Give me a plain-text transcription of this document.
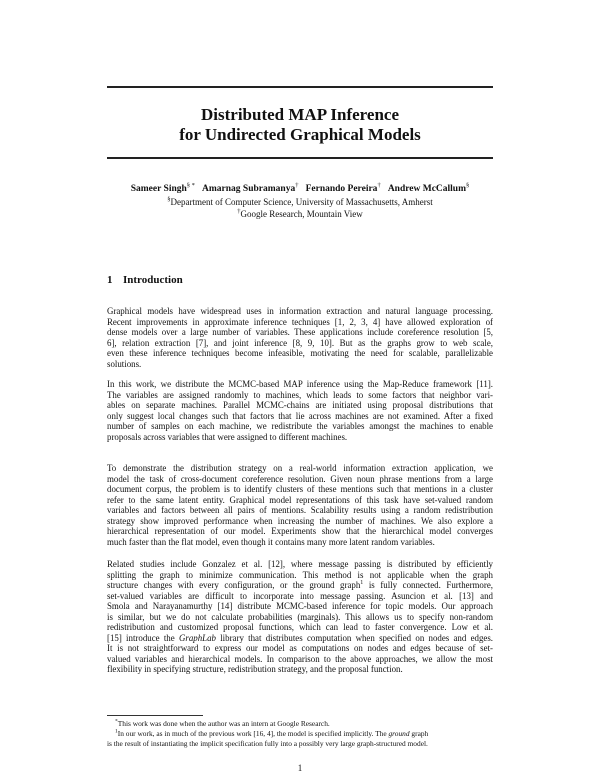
Distributed MAP Inference
for Undirected Graphical Models
Sameer Singh§ * Amarnag Subramanya† Fernando Pereira† Andrew McCallum§
§Department of Computer Science, University of Massachusetts, Amherst
†Google Research, Mountain View
1 Introduction
Graphical models have widespread uses in information extraction and natural language processing.
Recent improvements in approximate inference techniques [1, 2, 3, 4] have allowed exploration of
dense models over a large number of variables. These applications include coreference resolution [5,
6], relation extraction [7], and joint inference [8, 9, 10]. But as the graphs grow to web scale,
even these inference techniques become infeasible, motivating the need for scalable, parallelizable
solutions.
In this work, we distribute the MCMC-based MAP inference using the Map-Reduce framework [11].
The variables are assigned randomly to machines, which leads to some factors that neighbor vari-
ables on separate machines. Parallel MCMC-chains are initiated using proposal distributions that
only suggest local changes such that factors that lie across machines are not examined. After a fixed
number of samples on each machine, we redistribute the variables amongst the machines to enable
proposals across variables that were assigned to different machines.
To demonstrate the distribution strategy on a real-world information extraction application, we
model the task of cross-document coreference resolution. Given noun phrase mentions from a large
document corpus, the problem is to identify clusters of these mentions such that mentions in a cluster
refer to the same latent entity. Graphical model representations of this task have set-valued random
variables and factors between all pairs of mentions. Scalability results using a random redistribution
strategy show improved performance when increasing the number of machines. We also explore a
hierarchical representation of our model. Experiments show that the hierarchical model converges
much faster than the flat model, even though it contains many more latent random variables.
Related studies include Gonzalez et al. [12], where message passing is distributed by efficiently
splitting the graph to minimize communication. This method is not applicable when the graph
structure changes with every configuration, or the ground graph$^1$ is fully connected. Furthermore,
set-valued variables are difficult to incorporate into message passing. Asuncion et al. [13] and
Smola and Narayanamurthy [14] distribute MCMC-based inference for topic models. Our approach
is similar, but we do not calculate probabilities (marginals). This allows us to specify non-random
redistribution and customized proposal functions, which can lead to faster convergence. Low et al.
[15] introduce the GraphLab library that distributes computation when specified on nodes and edges.
It is not straightforward to express our model as computations on nodes and edges because of set-
valued variables and hierarchical models. In comparison to the above approaches, we allow the most
flexibility in specifying structure, redistribution strategy, and the proposal function.
*This work was done when the author was an intern at Google Research.
$^1$In our work, as in much of the previous work [16, 4], the model is specified implicitly. The ground graph
is the result of instantiating the implicit specification fully into a possibly very large graph-structured model.
1
